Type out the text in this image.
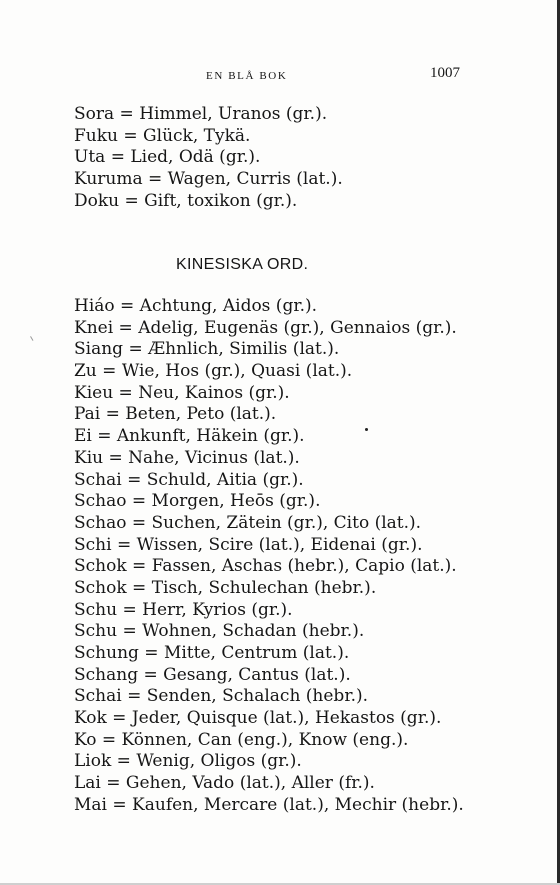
EN BLÅ BOK	1007
Sora = Himmel, Uranos (gr.).
Fuku = Glück, Tykä.
Uta = Lied, Odä (gr.).
Kuruma = Wagen, Curris (lat.).
Doku = Gift, toxikon (gr.).
KINESISKA ORD.
Hiáo = Achtung, Aidos (gr.).
Knei = Adelig, Eugenäs (gr.), Gennaios (gr.).
Siang = Æhnlich, Similis (lat.).
Zu = Wie, Hos (gr.), Quasi (lat.).
Kieu = Neu, Kainos (gr.).
Pai = Beten, Peto (lat.).
Ei = Ankunft, Häkein (gr.).
Kiu = Nahe, Vicinus (lat.).
Schai = Schuld, Aitia (gr.).
Schao = Morgen, Heōs (gr.).
Schao = Suchen, Zätein (gr.), Cito (lat.).
Schi = Wissen, Scire (lat.), Eidenai (gr.).
Schok = Fassen, Aschas (hebr.), Capio (lat.).
Schok = Tisch, Schulechan (hebr.).
Schu = Herr, Kyrios (gr.).
Schu = Wohnen, Schadan (hebr.).
Schung = Mitte, Centrum (lat.).
Schang = Gesang, Cantus (lat.).
Schai = Senden, Schalach (hebr.).
Kok = Jeder, Quisque (lat.), Hekastos (gr.).
Ko = Können, Can (eng.), Know (eng.).
Liok = Wenig, Oligos (gr.).
Lai = Gehen, Vado (lat.), Aller (fr.).
Mai = Kaufen, Mercare (lat.), Mechir (hebr.).
